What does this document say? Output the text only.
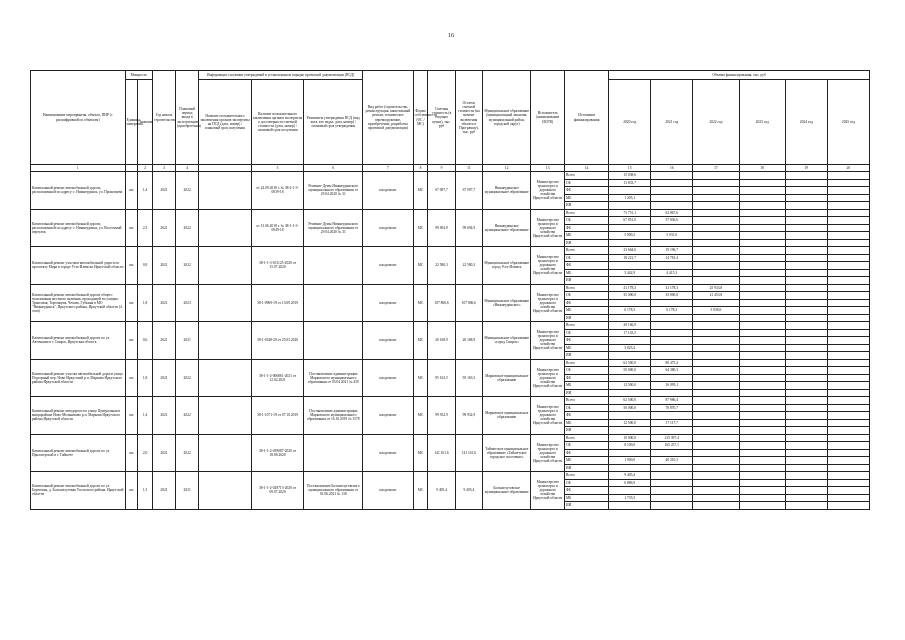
16
Наименование мероприятия, объекта, ПИР (с расшифровкой по объектам)	Мощность		Год начала строительства	Плановый период ввода в эксплуатацию (приобретения)	Информация о наличии утверждений в установленном порядке проектной документации (ПСД)			Вид работ (строительство, реконструкция, капитальный ремонт, техническое перевооружение, приобретение, разработка проектной документации)	Форма собственности (ОС / МС)	Сметная стоимость (в текущих ценах), тыс. руб	Остаток сметной стоимости (на момент включения объекта в Программу), тыс. руб	Муниципальное образование (муниципальный заказчик, муниципальный район, городской округ)	Исполнитель (наименование ИОГВ)	Источники финансирования	Объемы финансирования, тыс. руб					
	Единица измерения	Значение			Наличие положительного заключения органов экспертизы на ПСД (дата, номер) / плановый срок получения	Наличие положительного заключения органов экспертизы о достоверности сметной стоимости (дата, номер) / плановый срок получения	Реквизиты утверждения ПСД (вид акта, кто издал, дата, номер) / плановый срок утверждения								2020 год	2021 год	2022 год	2023 год	2024 год	2025 год
1		2	3	4		5	6	7	8	9	11	12	13	14	15	16	17	18	19	20
Капитальный ремонт автомобильной дороги, расположенной по адресу: г. Нижнеудинск, ул. Прокопьева	км	1,4	2021	2022		от 24.09.2018 г. № 38-2-1-3-0039-18	Решение Думы Нижнеудинского муниципального образования от 29.04.2020 № 31	кап.ремонт	МС	67 097,7	67 097,7	Нижнеудинское муниципальное образование	Министерство транспорта и дорожного хозяйства Иркутской области	Всего	15 038,6					
														ОБ	13 833,7					
														ФБ						
														МБ	1 205,1					
														ИИ						
Капитальный ремонт автомобильной дороги, расположенной по адресу: г. Нижнеудинск, ул. Восточный переулок	км	2,5	2021	2022		от 13.06.2018 г. № 38-1-1-3-0049-18	Решение Думы Нижнеудинского муниципального образования от 29.04.2020 № 31	кап.ремонт	МС	99 694,9	99 694,9	Нижнеудинское муниципальное образование	Министерство транспорта и дорожного хозяйства Иркутской области	Всего	73 751,1	62 867,6				
														ОБ	67 851,0	57 836,6				
														ФБ						
														МБ	5 900,2	5 031,0				
														ИИ						
Капитальный ремонт участков автомобильной дороги по проспекту Мира в городе Усть-Илимске Иркутской области	км	0,9	2021	2022		38-1-1-3-031125-2020 от 15.07.2020		кап.ремонт	МС	22 580,3	22 580,3	Муниципальное образование город Усть-Илимск	Министерство транспорта и дорожного хозяйства Иркутской области	Всего	23 664,6	19 196,7				
														ОБ	18 221,7	14 781,4				
														ФБ						
														МБ	5 442,9	4 415,3				
														ИИ						
Капитальный ремонт автомобильной дороги общего пользования местного значения, проходящей по улицам: Трактовая, Торговцева, Чехова, Губкина в МО "Нижнеудинск", Иркутского района, Иркутской области (4 этап)	км	1,8	2021	2023		38-1-0969-19 от 13.09.2019		кап.ремонт	МС	107 806,6	107 806,6	Муниципальное образование «Нижнеудинское»	Министерство транспорта и дорожного хозяйства Иркутской области	Всего	41 178,3	41 178,3	25 933,8			
														ОБ	35 000,0	35 000,0	21 453,8			
														ФБ						
														МБ	6 178,3	6 178,3	3 938,6			
														ИИ						
Капитальный ремонт автомобильной дороги по ул. Авточкина в г. Свирск, Иркутская область	км	0,6	2021	2021		38-1-0348-20 от 25.03.2020		кап.ремонт	МС	20 168,9	20 168,9	Муниципальное образование «город Свирск»	Министерство транспорта и дорожного хозяйства Иркутской области	Всего	20 166,9					
														ОБ	17 143,5					
														ФБ						
														МБ	3 025,4					
														ИИ						
Капитальный ремонт участка автомобильной дороги улица Подгорный пер. Ново-Иркутский р.п. Маркова Иркутского района Иркутской области	км	1,8	2021	2022		38-1-1-2-006861-2021 от 12.02.2021	Постановление администрации Марковского муниципального образования от 05.04.2021 № 450	кап.ремонт	МС	95 163,5	95 163,5	Марковское муниципальное образование	Министерство транспорта и дорожного хозяйства Иркутской области	Всего	62 500,0	80 475,4				
														ОБ	50 000,0	64 380,3				
														ФБ						
														МБ	12 500,0	16 095,1				
														ИИ						
Капитальный ремонт автодороги по улице Центральная в микрорайоне Ново-Мельниково р.п. Маркова Иркутского района Иркутской области	км	1,4	2021	2022		38-1-1071-19 от 07.10.2019	Постановление администрации Марковского муниципального образования от 16.10.2019 № 1578	кап.ремонт	МС	99 932,9	99 932,9	Марковское муниципальное образование	Министерство транспорта и дорожного хозяйства Иркутской области	Всего	62 500,0	87 986,4				
														ОБ	50 000,0	70 870,7				
														ФБ						
														МБ	12 500,0	17 117,7				
														ИИ						
Капитальный ремонт автомобильной дороги по ул. Прилатерской в г. Тайшете	км	2,0	2021	2022		38-1-1-2-039087-2020 от 18.08.2020		кап.ремонт	МС	141 161,6	141 161,6	Тайшетское муниципальное образование «Тайшетское городское поселение»	Министерство транспорта и дорожного хозяйства Иркутской области	Всего	10 000,0	215 397,4				
														ОБ	8 100,0	165 257,1				
														ФБ						
														МБ	1 900,0	40 210,3				
														ИИ						
Капитальный ремонт автомобильной дороги по ул. Береговая, д. Большелуговая Усольского района, Иркутской области	км	1,5	2021	2021		38-1-1-2-029713-2020 от 09.07.2020	Постановление Большелуговского муниципального образования от 01.06.2021 № 138	кап.ремонт	МС	9 405,4	9 405,4	Большелуговское муниципальное образование	Министерство транспорта и дорожного хозяйства Иркутской области	Всего	9 405,4					
														ОБ	6 886,9					
														ФБ						
														МБ	1 735,5					
														ИИ						
